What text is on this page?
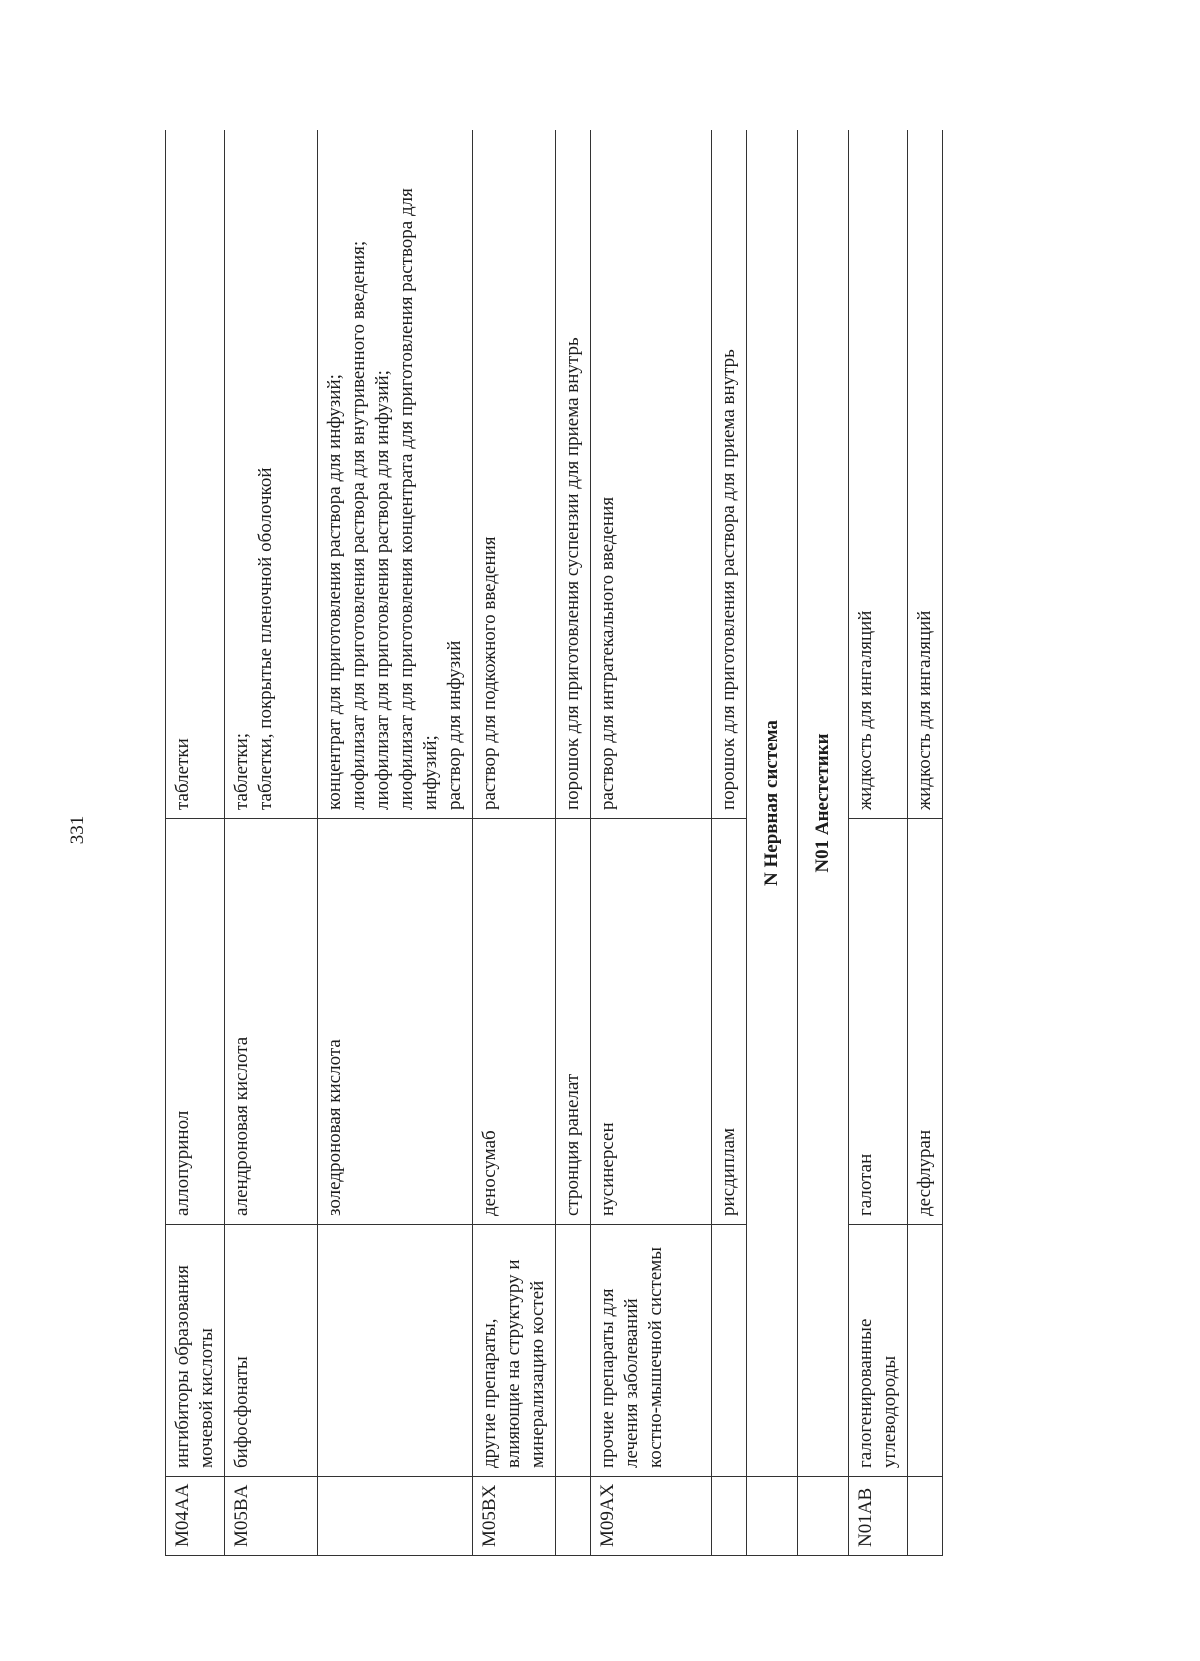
331
M04AA	ингибиторы образования мочевой кислоты	аллопуринол	таблетки

M05BA	бифосфонаты	алендроновая кислота	таблетки; таблетки, покрытые пленочной оболочкой

		золедроновая кислота	концентрат для приготовления раствора для инфузий; лиофилизат для приготовления раствора для внутривенного введения; лиофилизат для приготовления раствора для инфузий; лиофилизат для приготовления концентрата для приготовления раствора для инфузий; раствор для инфузий

M05BX	другие препараты, влияющие на структуру и минерализацию костей	деносумаб	раствор для подкожного введения

		стронция ранелат	порошок для приготовления суспензии для приема внутрь

M09AX	прочие препараты для лечения заболеваний костно-мышечной системы	нусинерсен	раствор для интратекального введения

		рисдиплам	порошок для приготовления раствора для приема внутрь

	N Нервная система		
	N01 Анестетики		
N01AB	галогенированные углеводороды	галотан	жидкость для ингаляций

		десфлуран	жидкость для ингаляций
